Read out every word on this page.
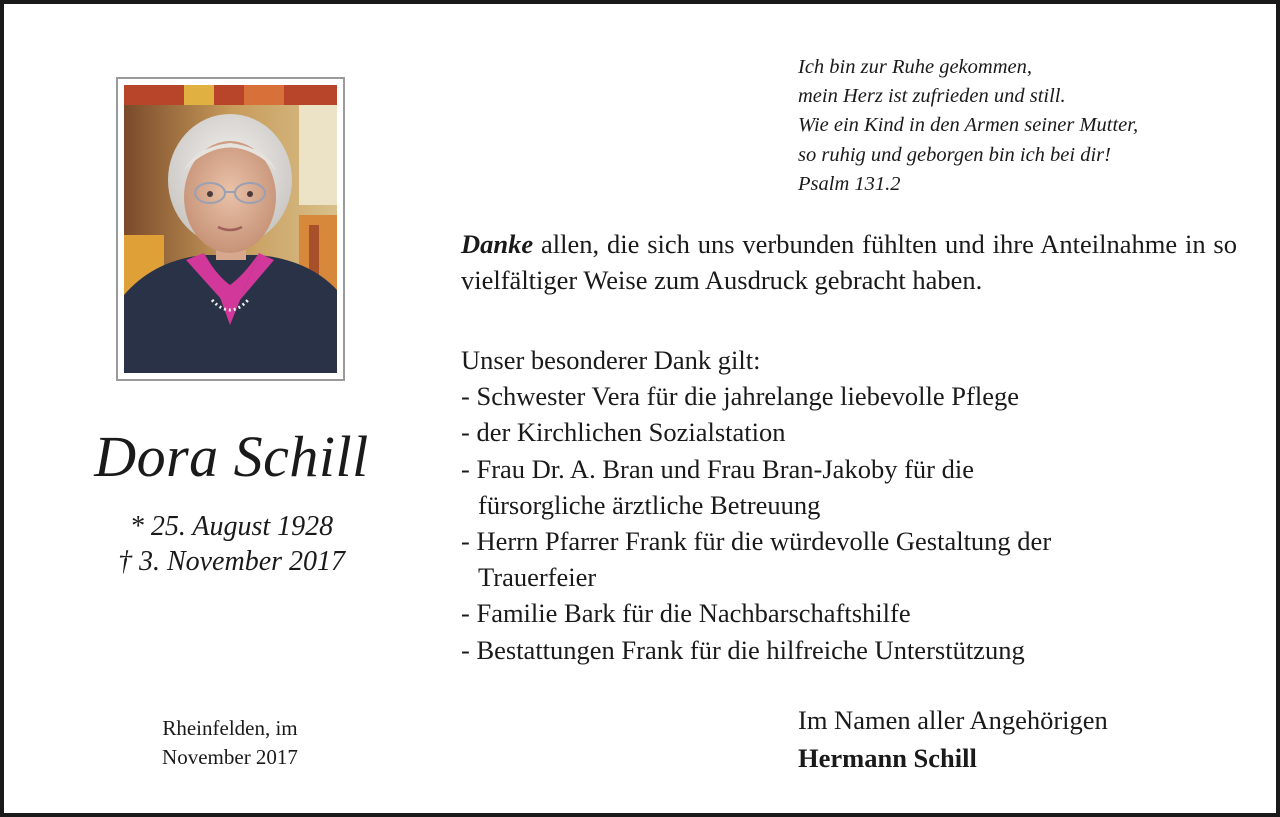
Dora Schill
* 25. August 1928
† 3. November 2017
Rheinfelden, im
November 2017
Ich bin zur Ruhe gekommen,
mein Herz ist zufrieden und still.
Wie ein Kind in den Armen seiner Mutter,
so ruhig und geborgen bin ich bei dir!
Psalm 131.2
Danke allen, die sich uns verbunden fühlten und ihre Anteilnahme in so vielfältiger Weise zum Ausdruck gebracht haben.
Unser besonderer Dank gilt:
- Schwester Vera für die jahrelange liebevolle Pflege
- der Kirchlichen Sozialstation
- Frau Dr. A. Bran und Frau Bran-Jakoby für die
fürsorgliche ärztliche Betreuung
- Herrn Pfarrer Frank für die würdevolle Gestaltung der
Trauerfeier
- Familie Bark für die Nachbarschaftshilfe
- Bestattungen Frank für die hilfreiche Unterstützung
Im Namen aller Angehörigen
Hermann Schill
